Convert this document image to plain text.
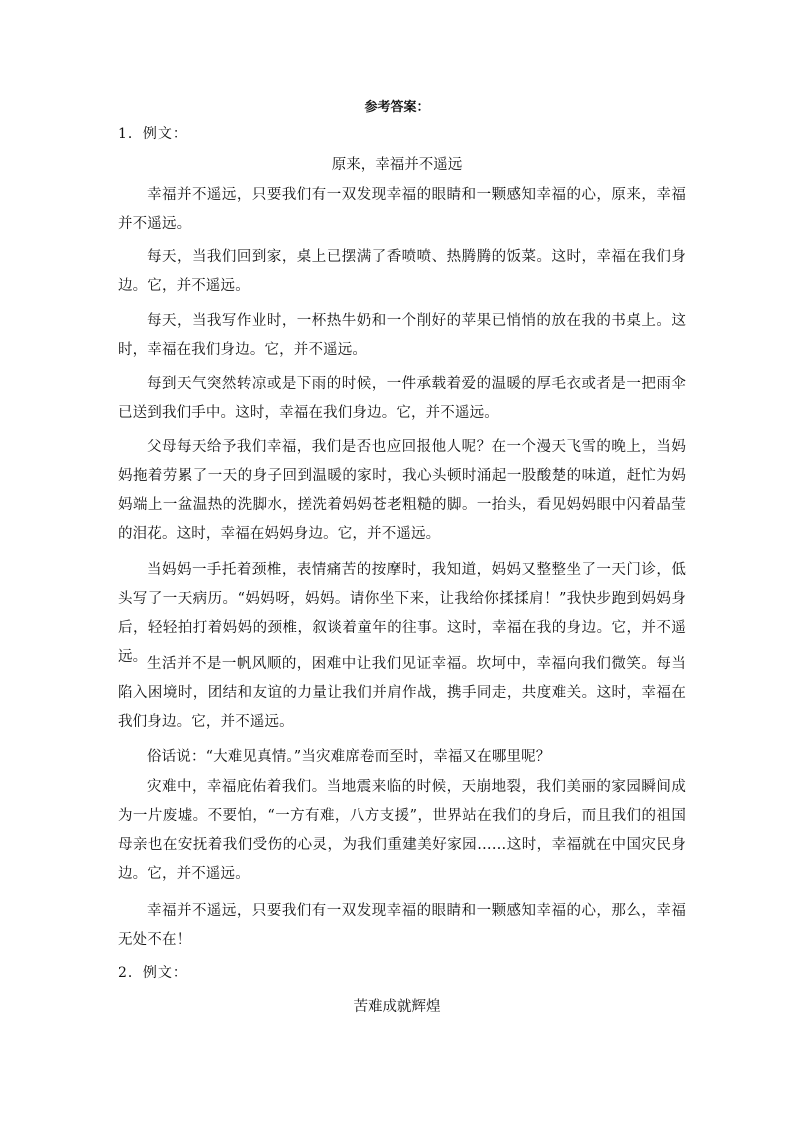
参考答案：
1．例文：
原来，幸福并不遥远

幸福并不遥远，只要我们有一双发现幸福的眼睛和一颗感知幸福的心，原来，幸福并不遥远。

每天，当我们回到家，桌上已摆满了香喷喷、热腾腾的饭菜。这时，幸福在我们身边。它，并不遥远。

每天，当我写作业时，一杯热牛奶和一个削好的苹果已悄悄的放在我的书桌上。这时，幸福在我们身边。它，并不遥远。

每到天气突然转凉或是下雨的时候，一件承载着爱的温暖的厚毛衣或者是一把雨伞已送到我们手中。这时，幸福在我们身边。它，并不遥远。

父母每天给予我们幸福，我们是否也应回报他人呢？在一个漫天飞雪的晚上，当妈妈拖着劳累了一天的身子回到温暖的家时，我心头顿时涌起一股酸楚的味道，赶忙为妈妈端上一盆温热的洗脚水，搓洗着妈妈苍老粗糙的脚。一抬头，看见妈妈眼中闪着晶莹的泪花。这时，幸福在妈妈身边。它，并不遥远。

当妈妈一手托着颈椎，表情痛苦的按摩时，我知道，妈妈又整整坐了一天门诊，低头写了一天病历。“妈妈呀，妈妈。请你坐下来，让我给你揉揉肩！”我快步跑到妈妈身后，轻轻拍打着妈妈的颈椎，叙谈着童年的往事。这时，幸福在我的身边。它，并不遥远。 生活并不是一帆风顺的，困难中让我们见证幸福。坎坷中，幸福向我们微笑。每当陷入困境时，团结和友谊的力量让我们并肩作战，携手同走，共度难关。这时，幸福在我们身边。它，并不遥远。

俗话说：“大难见真情。”当灾难席卷而至时，幸福又在哪里呢？

灾难中，幸福庇佑着我们。当地震来临的时候，天崩地裂，我们美丽的家园瞬间成为一片废墟。不要怕，“一方有难，八方支援”，世界站在我们的身后，而且我们的祖国母亲也在安抚着我们受伤的心灵，为我们重建美好家园……这时，幸福就在中国灾民身边。它，并不遥远。

幸福并不遥远，只要我们有一双发现幸福的眼睛和一颗感知幸福的心，那么，幸福无处不在！

2．例文：
苦难成就辉煌
